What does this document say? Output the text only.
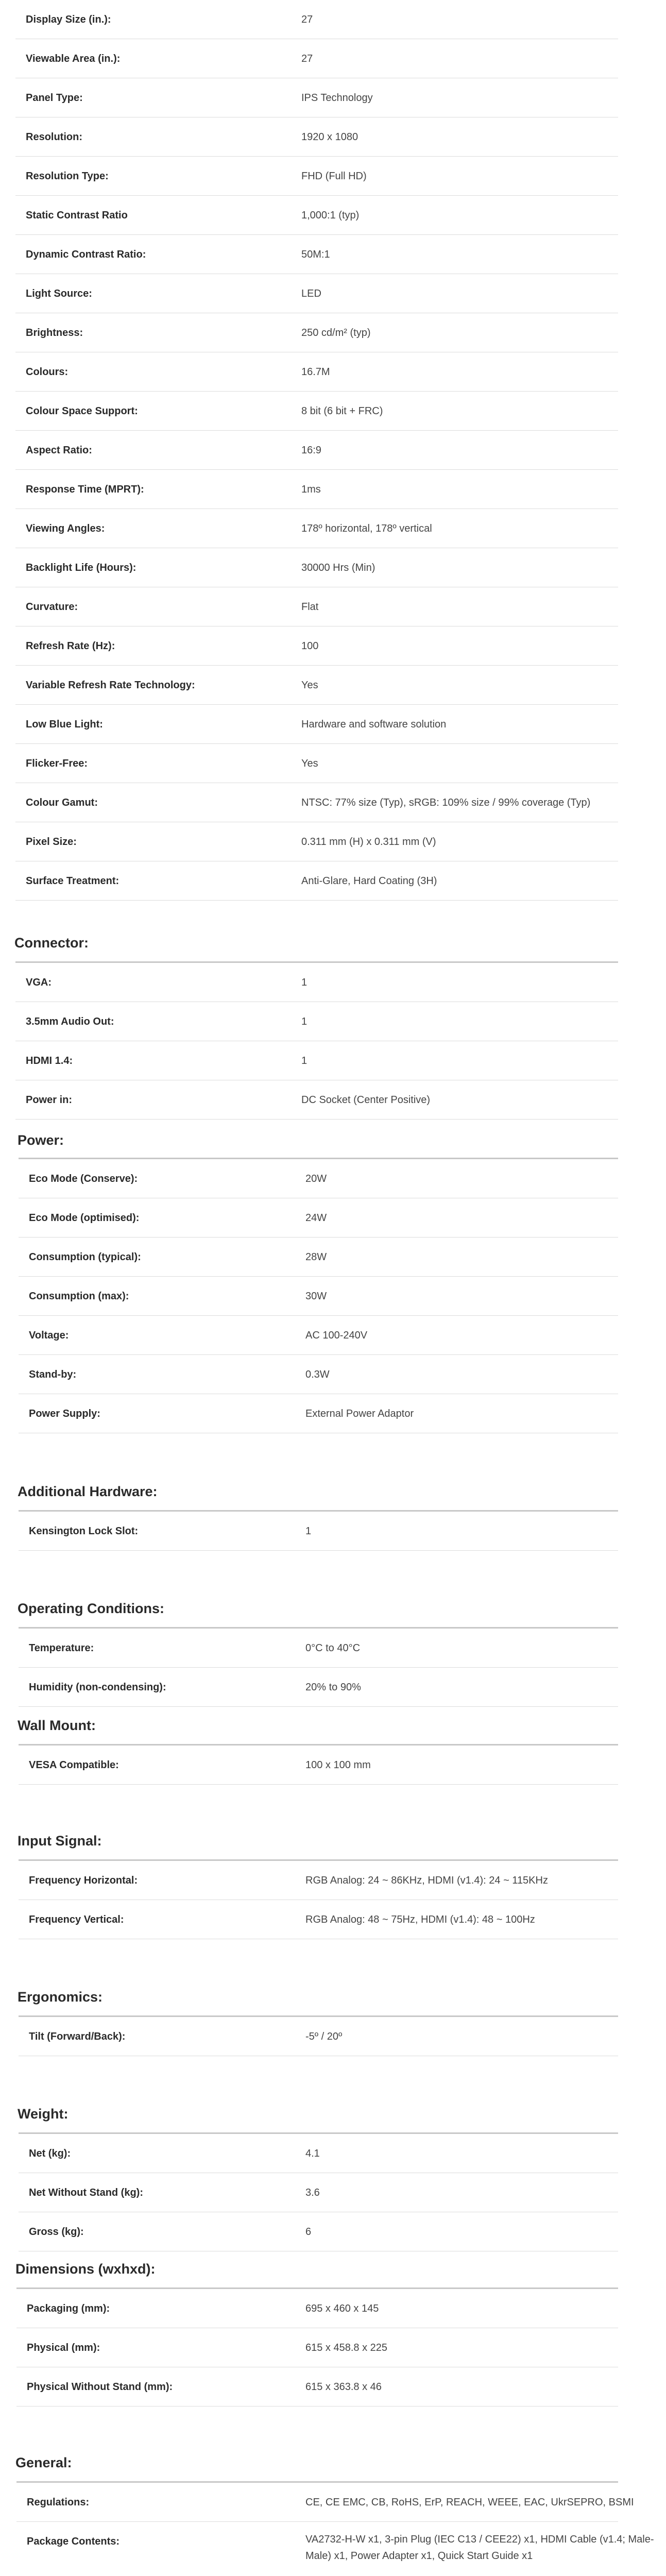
Display Size (in.):	27
Viewable Area (in.):	27
Panel Type:	IPS Technology
Resolution:	1920 x 1080
Resolution Type:	FHD (Full HD)
Static Contrast Ratio	1,000:1 (typ)
Dynamic Contrast Ratio:	50M:1
Light Source:	LED
Brightness:	250 cd/m² (typ)
Colours:	16.7M
Colour Space Support:	8 bit (6 bit + FRC)
Aspect Ratio:	16:9
Response Time (MPRT):	1ms
Viewing Angles:	178º horizontal, 178º vertical
Backlight Life (Hours):	30000 Hrs (Min)
Curvature:	Flat
Refresh Rate (Hz):	100
Variable Refresh Rate Technology:	Yes
Low Blue Light:	Hardware and software solution
Flicker-Free:	Yes
Colour Gamut:	NTSC: 77% size (Typ), sRGB: 109% size / 99% coverage (Typ)
Pixel Size:	0.311 mm (H) x 0.311 mm (V)
Surface Treatment:	Anti-Glare, Hard Coating (3H)
Connector:
VGA:	1
3.5mm Audio Out:	1
HDMI 1.4:	1
Power in:	DC Socket (Center Positive)
Power:
Eco Mode (Conserve):	20W
Eco Mode (optimised):	24W
Consumption (typical):	28W
Consumption (max):	30W
Voltage:	AC 100-240V
Stand-by:	0.3W
Power Supply:	External Power Adaptor
Additional Hardware:
Kensington Lock Slot:	1
Operating Conditions:
Temperature:	0°C to 40°C
Humidity (non-condensing):	20% to 90%
Wall Mount:
VESA Compatible:	100 x 100 mm
Input Signal:
Frequency Horizontal:	RGB Analog: 24 ~ 86KHz, HDMI (v1.4): 24 ~ 115KHz
Frequency Vertical:	RGB Analog: 48 ~ 75Hz, HDMI (v1.4): 48 ~ 100Hz
Ergonomics:
Tilt (Forward/Back):	-5º / 20º
Weight:
Net (kg):	4.1
Net Without Stand (kg):	3.6
Gross (kg):	6
Dimensions (wxhxd):
Packaging (mm):	695 x 460 x 145
Physical (mm):	615 x 458.8 x 225
Physical Without Stand (mm):	615 x 363.8 x 46
General:
Regulations:	CE, CE EMC, CB, RoHS, ErP, REACH, WEEE, EAC, UkrSEPRO, BSMI
Package Contents:	VA2732-H-W x1, 3-pin Plug (IEC C13 / CEE22) x1, HDMI Cable (v1.4; Male-Male) x1, Power Adapter x1, Quick Start Guide x1
